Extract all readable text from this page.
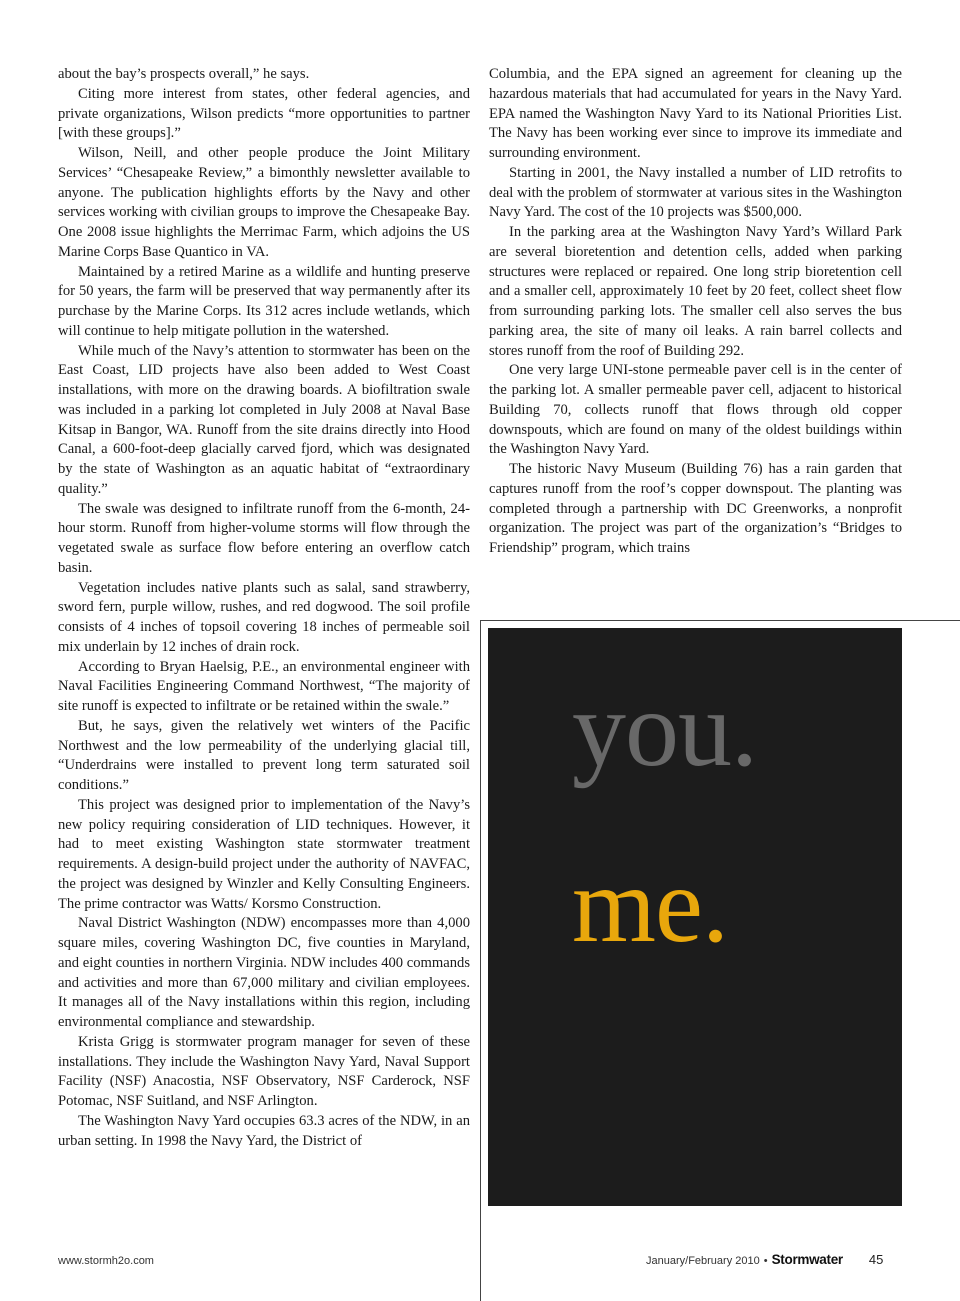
about the bay’s prospects overall,” he says.

Citing more interest from states, other federal agencies, and private organizations, Wilson predicts “more opportunities to partner [with these groups].”

Wilson, Neill, and other people produce the Joint Military Services’ “Chesapeake Review,” a bimonthly newsletter available to anyone. The publication highlights efforts by the Navy and other services working with civilian groups to improve the Chesapeake Bay. One 2008 issue highlights the Merrimac Farm, which adjoins the US Marine Corps Base Quantico in VA.

Maintained by a retired Marine as a wildlife and hunting preserve for 50 years, the farm will be preserved that way permanently after its purchase by the Marine Corps. Its 312 acres include wetlands, which will continue to help mitigate pollution in the watershed.

While much of the Navy’s attention to stormwater has been on the East Coast, LID projects have also been added to West Coast installations, with more on the drawing boards. A biofiltration swale was included in a parking lot completed in July 2008 at Naval Base Kitsap in Bangor, WA. Runoff from the site drains directly into Hood Canal, a 600-foot-deep glacially carved fjord, which was designated by the state of Washington as an aquatic habitat of “extraordinary quality.”

The swale was designed to infiltrate runoff from the 6-month, 24-hour storm. Runoff from higher-volume storms will flow through the vegetated swale as surface flow before entering an overflow catch basin.

Vegetation includes native plants such as salal, sand strawberry, sword fern, purple willow, rushes, and red dogwood. The soil profile consists of 4 inches of topsoil covering 18 inches of permeable soil mix underlain by 12 inches of drain rock.

According to Bryan Haelsig, P.E., an environmental engineer with Naval Facilities Engineering Command Northwest, “The majority of site runoff is expected to infiltrate or be retained within the swale.”

But, he says, given the relatively wet winters of the Pacific Northwest and the low permeability of the underlying glacial till, “Underdrains were installed to prevent long term saturated soil conditions.”

This project was designed prior to implementation of the Navy’s new policy requiring consideration of LID techniques. However, it had to meet existing Washington state stormwater treatment requirements. A design-build project under the authority of NAVFAC, the project was designed by Winzler and Kelly Consulting Engineers. The prime contractor was Watts/ Korsmo Construction.

Naval District Washington (NDW) encompasses more than 4,000 square miles, covering Washington DC, five counties in Maryland, and eight counties in northern Virginia. NDW includes 400 commands and activities and more than 67,000 military and civilian employees. It manages all of the Navy installations within this region, including environmental compliance and stewardship.

Krista Grigg is stormwater program manager for seven of these installations. They include the Washington Navy Yard, Naval Support Facility (NSF) Anacostia, NSF Observatory, NSF Carderock, NSF Potomac, NSF Suitland, and NSF Arlington.

The Washington Navy Yard occupies 63.3 acres of the NDW, in an urban setting. In 1998 the Navy Yard, the District of

Columbia, and the EPA signed an agreement for cleaning up the hazardous materials that had accumulated for years in the Navy Yard. EPA named the Washington Navy Yard to its National Priorities List. The Navy has been working ever since to improve its immediate and surrounding environment.

Starting in 2001, the Navy installed a number of LID retrofits to deal with the problem of stormwater at various sites in the Washington Navy Yard. The cost of the 10 projects was $500,000.

In the parking area at the Washington Navy Yard’s Willard Park are several bioretention and detention cells, added when parking structures were replaced or repaired. One long strip bioretention cell and a smaller cell, approximately 10 feet by 20 feet, collect sheet flow from surrounding parking lots. The smaller cell also serves the bus parking area, the site of many oil leaks. A rain barrel collects and stores runoff from the roof of Building 292.

One very large UNI-stone permeable paver cell is in the center of the parking lot. A smaller permeable paver cell, adjacent to historical Building 70, collects runoff that flows through old copper downspouts, which are found on many of the oldest buildings within the Washington Navy Yard.

The historic Navy Museum (Building 76) has a rain garden that captures runoff from the roof’s copper downspout. The planting was completed through a partnership with DC Greenworks, a nonprofit organization. The project was part of the organization’s “Bridges to Friendship” program, which trains

you.
me.
www.stormh2o.com	January/February 2010 • Stormwater 45
